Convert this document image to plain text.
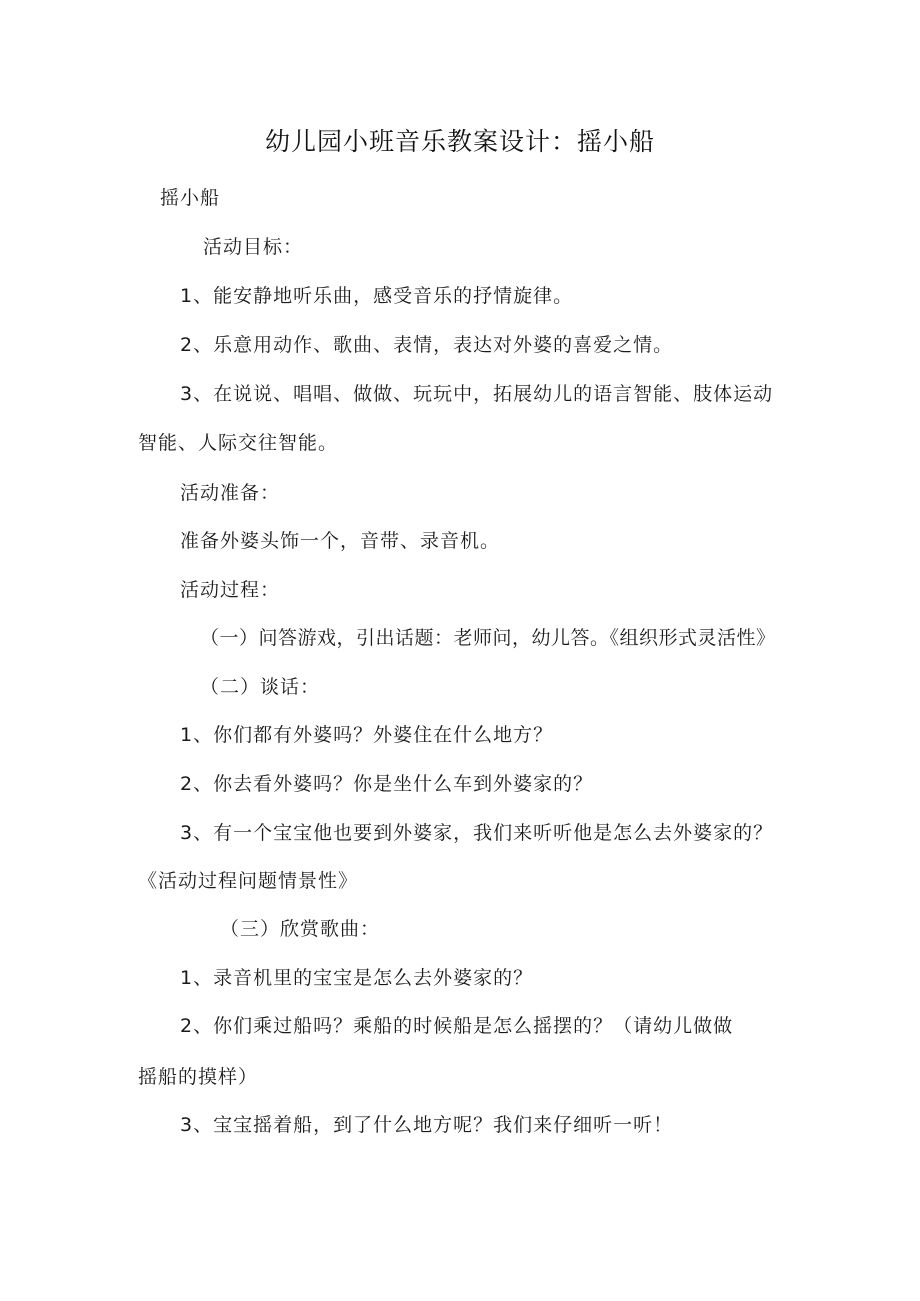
幼儿园小班音乐教案设计：摇小船
摇小船
活动目标：
1、能安静地听乐曲，感受音乐的抒情旋律。
2、乐意用动作、歌曲、表情，表达对外婆的喜爱之情。
3、在说说、唱唱、做做、玩玩中，拓展幼儿的语言智能、肢体运动
智能、人际交往智能。
活动准备：
准备外婆头饰一个，音带、录音机。
活动过程：
（一）问答游戏，引出话题：老师问，幼儿答。《组织形式灵活性》
（二）谈话：
1、你们都有外婆吗？外婆住在什么地方？
2、你去看外婆吗？你是坐什么车到外婆家的？
3、有一个宝宝他也要到外婆家，我们来听听他是怎么去外婆家的？
《活动过程问题情景性》
（三）欣赏歌曲：
1、录音机里的宝宝是怎么去外婆家的？
2、你们乘过船吗？乘船的时候船是怎么摇摆的？（请幼儿做做
摇船的摸样）
3、宝宝摇着船，到了什么地方呢？我们来仔细听一听！
